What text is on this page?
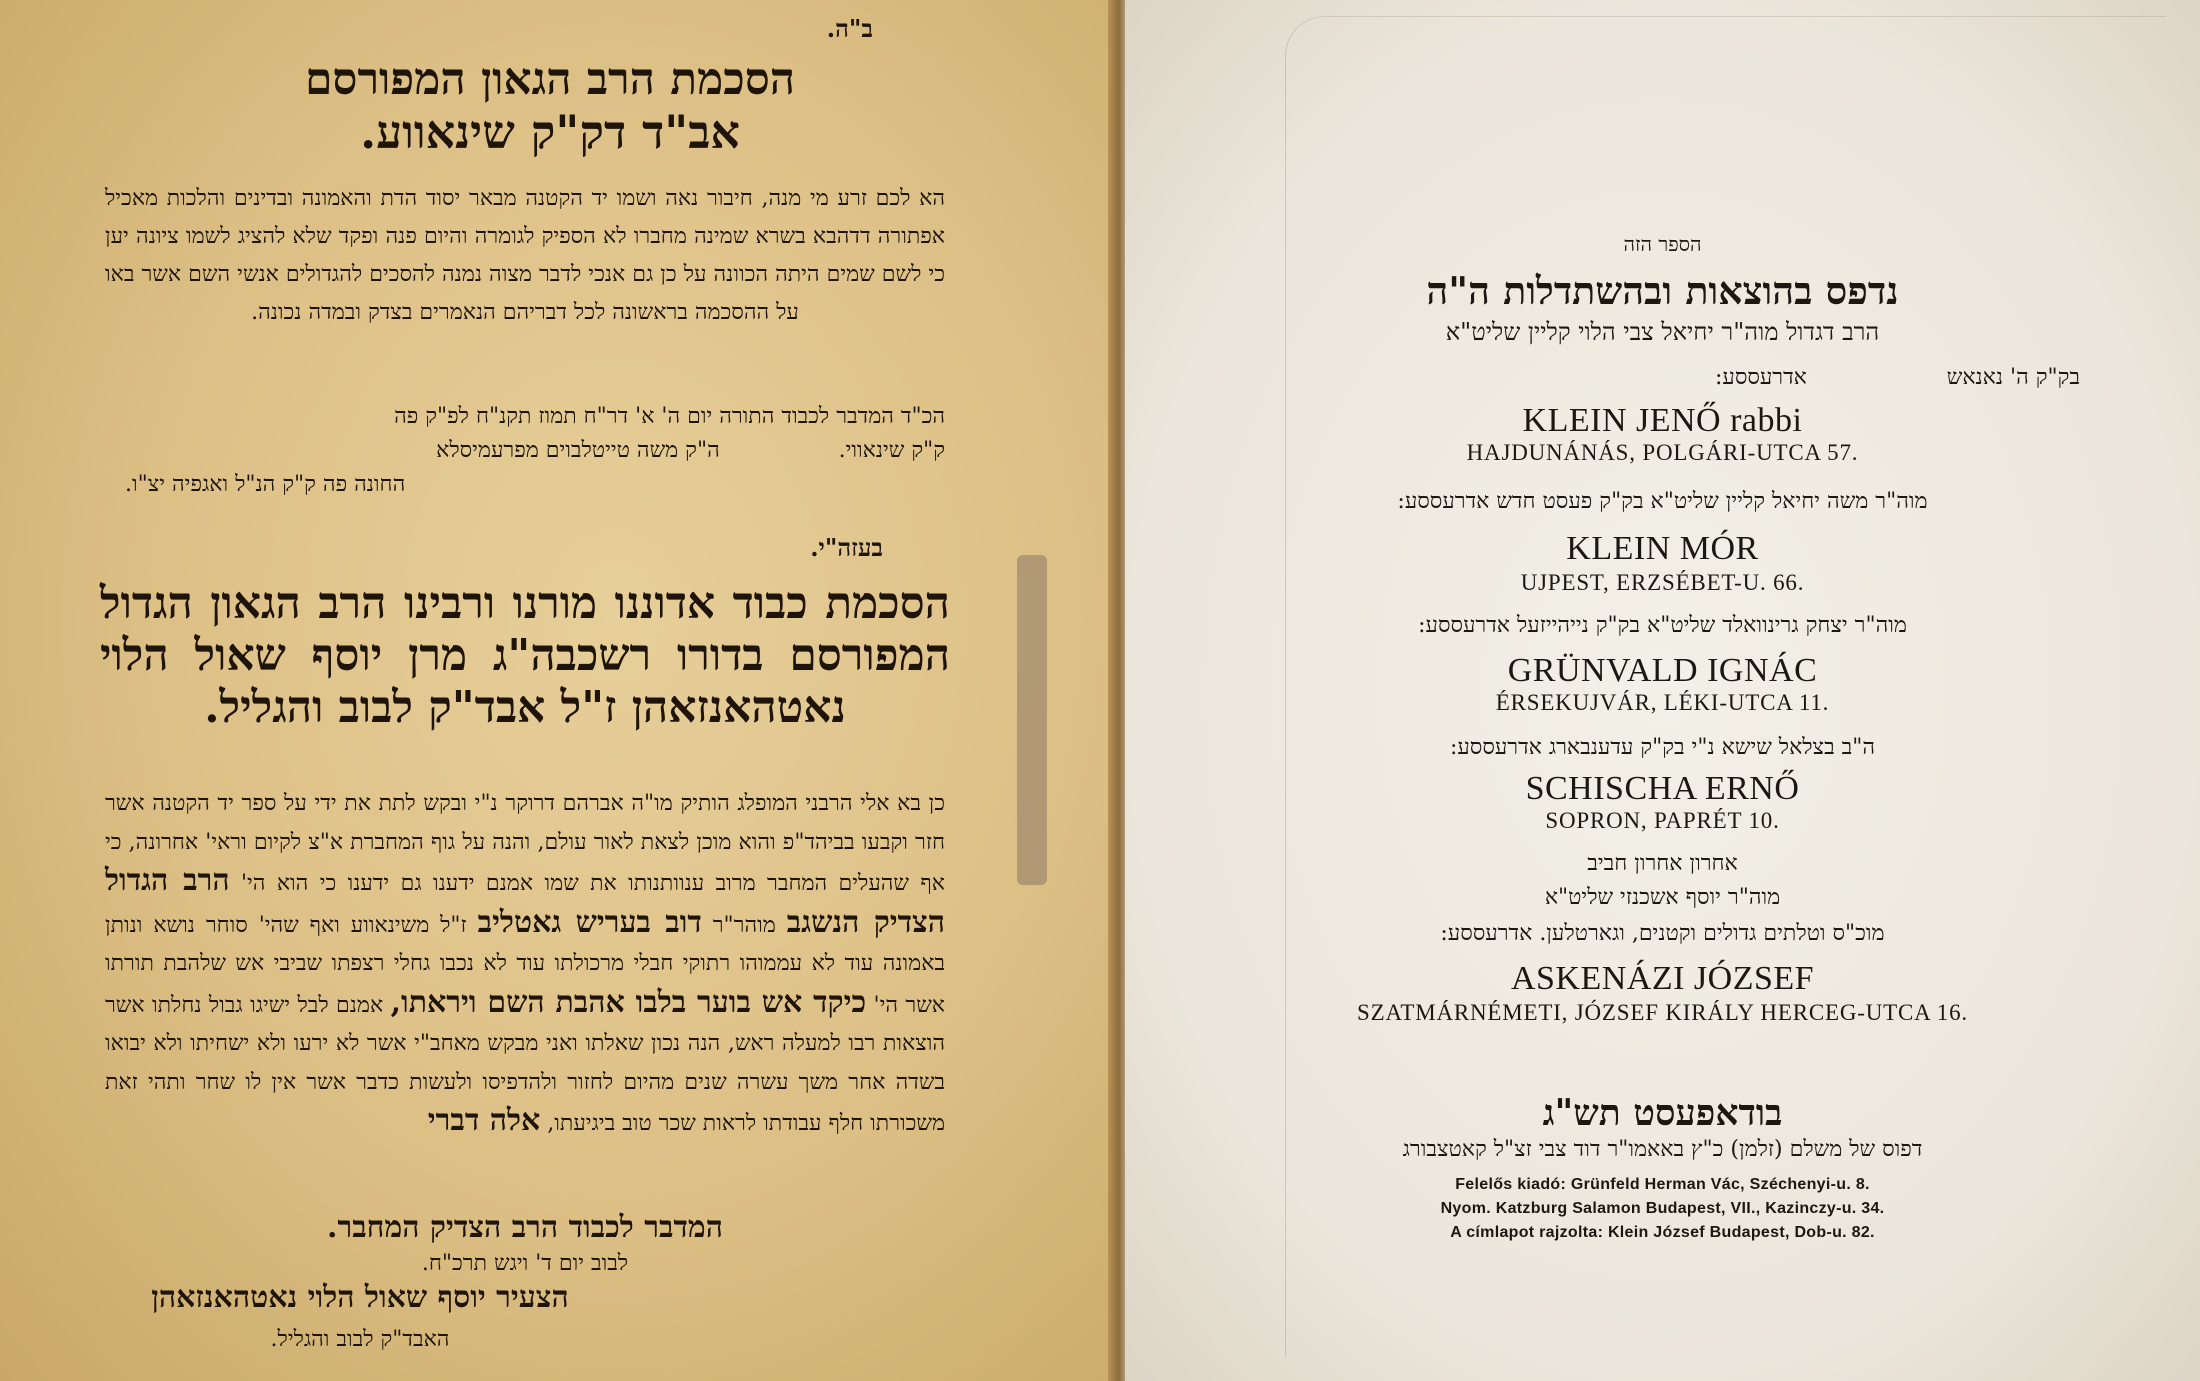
ב"ה.
הסכמת הרב הגאון המפורסם
אב"ד דק"ק שינאווע.
הא לכם זרע מי מנה, חיבור נאה ושמו יד הקטנה מבאר יסוד הדת והאמונה ובדינים והלכות מאכיל אפתורה דדהבא בשרא שמינה מחברו לא הספיק לגומרה והיום פנה ופקד שלא להציג לשמו ציונה יען כי לשם שמים היתה הכוונה על כן גם אנכי לדבר מצוה נמנה להסכים להגדולים אנשי השם אשר באו על ההסכמה בראשונה לכל דבריהם הנאמרים בצדק ובמדה נכונה.
הכ"ד המדבר לכבוד התורה יום ה' א' דר"ח תמוז תקנ"ח לפ"ק פה
ק"ק שינאווי.                 ה"ק משה טייטלבוים מפרעמיסלא
החונה פה ק"ק הנ"ל ואגפיה יצ"ו.
בעזה"י.
הסכמת כבוד אדוננו מורנו ורבינו הרב הגאון הגדול המפורסם בדורו רשכבה"ג מרן יוסף שאול הלוי נאטהאנזאהן ז"ל אבד"ק לבוב והגליל.
כן בא אלי הרבני המופלג הותיק מו"ה אברהם דרוקר נ"י ובקש לתת את ידי על ספר יד הקטנה אשר חזר וקבעו בביהד"פ והוא מוכן לצאת לאור עולם, והנה על גוף המחברת א"צ לקיום וראי' אחרונה, כי אף שהעלים המחבר מרוב ענוותנותו את שמו אמנם ידענו גם ידענו כי הוא הי' הרב הגדול הצדיק הנשגב מוהר"ר דוב בעריש גאטליב ז"ל משינאווע ואף שהי' סוחר נושא ונותן באמונה עוד לא עממוהו רתוקי חבלי מרכולתו עוד לא נכבו גחלי רצפתו שביבי אש שלהבת תורתו אשר הי' כיקד אש בוער בלבו אהבת השם ויראתו, אמנם לבל ישיגו גבול נחלתו אשר הוצאות רבו למעלה ראש, הנה נכון שאלתו ואני מבקש מאחב"י אשר לא ירעו ולא ישחיתו ולא יבואו בשדה אחר משך עשרה שנים מהיום לחזור ולהדפיסו ולעשות כדבר אשר אין לו שחר ותהי זאת משכורתו חלף עבודתו לראות שכר טוב ביגיעתו, אלה דברי
המדבר לכבוד הרב הצדיק המחבר.
לבוב יום ד' ויגש תרכ"ח.
הצעיר יוסף שאול הלוי נאטהאנזאהן
האבד"ק לבוב והגליל.
הספר הזה
נדפס בהוצאות ובהשתדלות ה"ה
הרב דגדול מוה"ר יחיאל צבי הלוי קליין שליט"א
בק"ק ה' נאנאש                    אדרעססע:
KLEIN JENŐ rabbi
HAJDUNÁNÁS, POLGÁRI-UTCA 57.
מוה"ר משה יחיאל קליין שליט"א בק"ק פעסט חדש אדרעססע:
KLEIN MÓR
UJPEST, ERZSÉBET-U. 66.
מוה"ר יצחק גרינוואלד שליט"א בק"ק נייהייזעל אדרעססע:
GRÜNVALD IGNÁC
ÉRSEKUJVÁR, LÉKI-UTCA 11.
ה"ב בצלאל שישא נ"י בק"ק עדענבארג אדרעססע:
SCHISCHA ERNŐ
SOPRON, PAPRÉT 10.
אחרון אחרון חביב
מוה"ר יוסף אשכנזי שליט"א
מוכ"ס וטלתים גדולים וקטנים, וגארטלען. אדרעססע:
ASKENÁZI JÓZSEF
SZATMÁRNÉMETI, JÓZSEF KIRÁLY HERCEG-UTCA 16.
בודאפעסט תש"ג
דפוס של משלם (זלמן) כ"ץ באאמו"ר דוד צבי זצ"ל קאטצבורג
Felelős kiadó: Grünfeld Herman Vác, Széchenyi-u. 8.
Nyom. Katzburg Salamon Budapest, VII., Kazinczy-u. 34.
A címlapot rajzolta: Klein József Budapest, Dob-u. 82.
